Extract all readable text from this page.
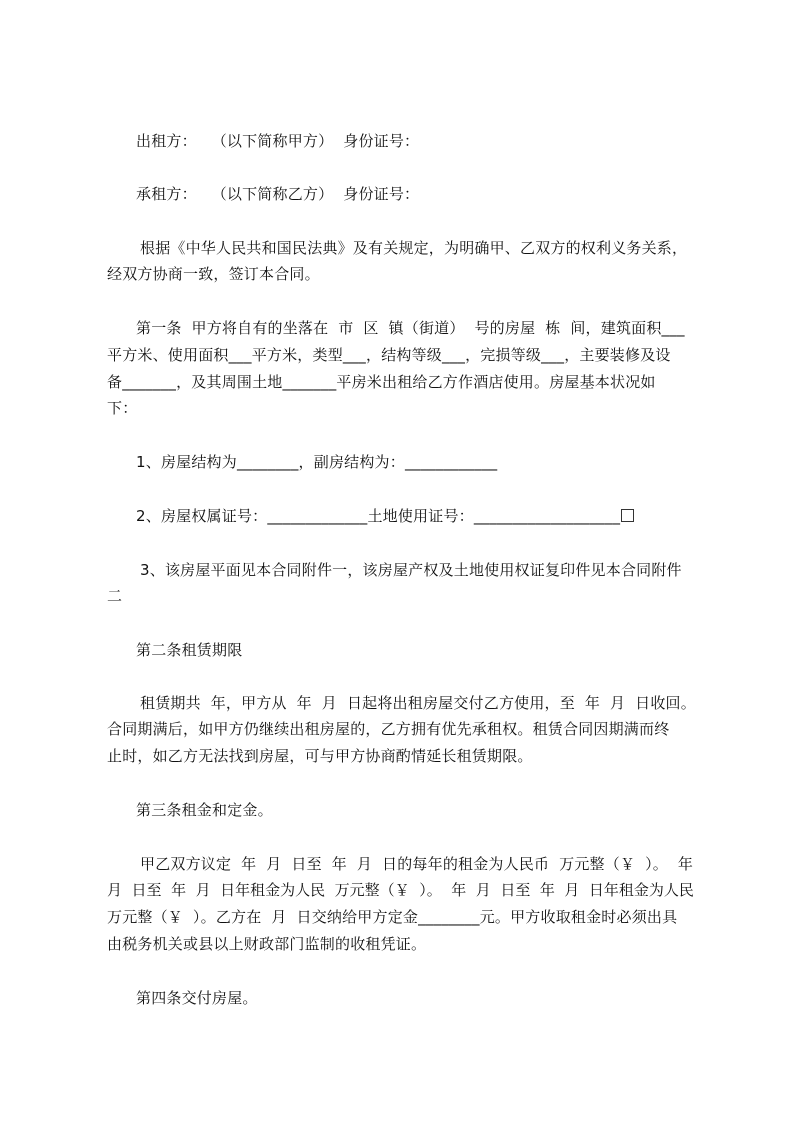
出租方：   （以下简称甲方）  身份证号：

承租方：   （以下简称乙方）  身份证号：

根据《中华人民共和国民法典》及有关规定，为明确甲、乙双方的权利义务关系，

经双方协商一致，签订本合同。

第一条  甲方将自有的坐落在  市  区  镇（街道）  号的房屋  栋  间，建筑面积___

平方米、使用面积___平方米，类型___，结构等级___，完损等级___，主要装修及设

备_______，及其周围土地_______平房米出租给乙方作酒店使用。房屋基本状况如

下：

1、房屋结构为________，副房结构为：____________

2、房屋权属证号：_____________土地使用证号：___________________

3、该房屋平面见本合同附件一，该房屋产权及土地使用权证复印件见本合同附件

二

第二条租赁期限

租赁期共  年，甲方从  年  月  日起将出租房屋交付乙方使用，至  年  月  日收回。

合同期满后，如甲方仍继续出租房屋的，乙方拥有优先承租权。租赁合同因期满而终

止时，如乙方无法找到房屋，可与甲方协商酌情延长租赁期限。

第三条租金和定金。

甲乙双方议定  年  月  日至  年  月  日的每年的租金为人民币  万元整（￥  ）。  年

月  日至  年  月  日年租金为人民  万元整（￥  ）。  年  月  日至  年  月  日年租金为人民

万元整（￥  ）。乙方在  月  日交纳给甲方定金________元。甲方收取租金时必须出具

由税务机关或县以上财政部门监制的收租凭证。

第四条交付房屋。
